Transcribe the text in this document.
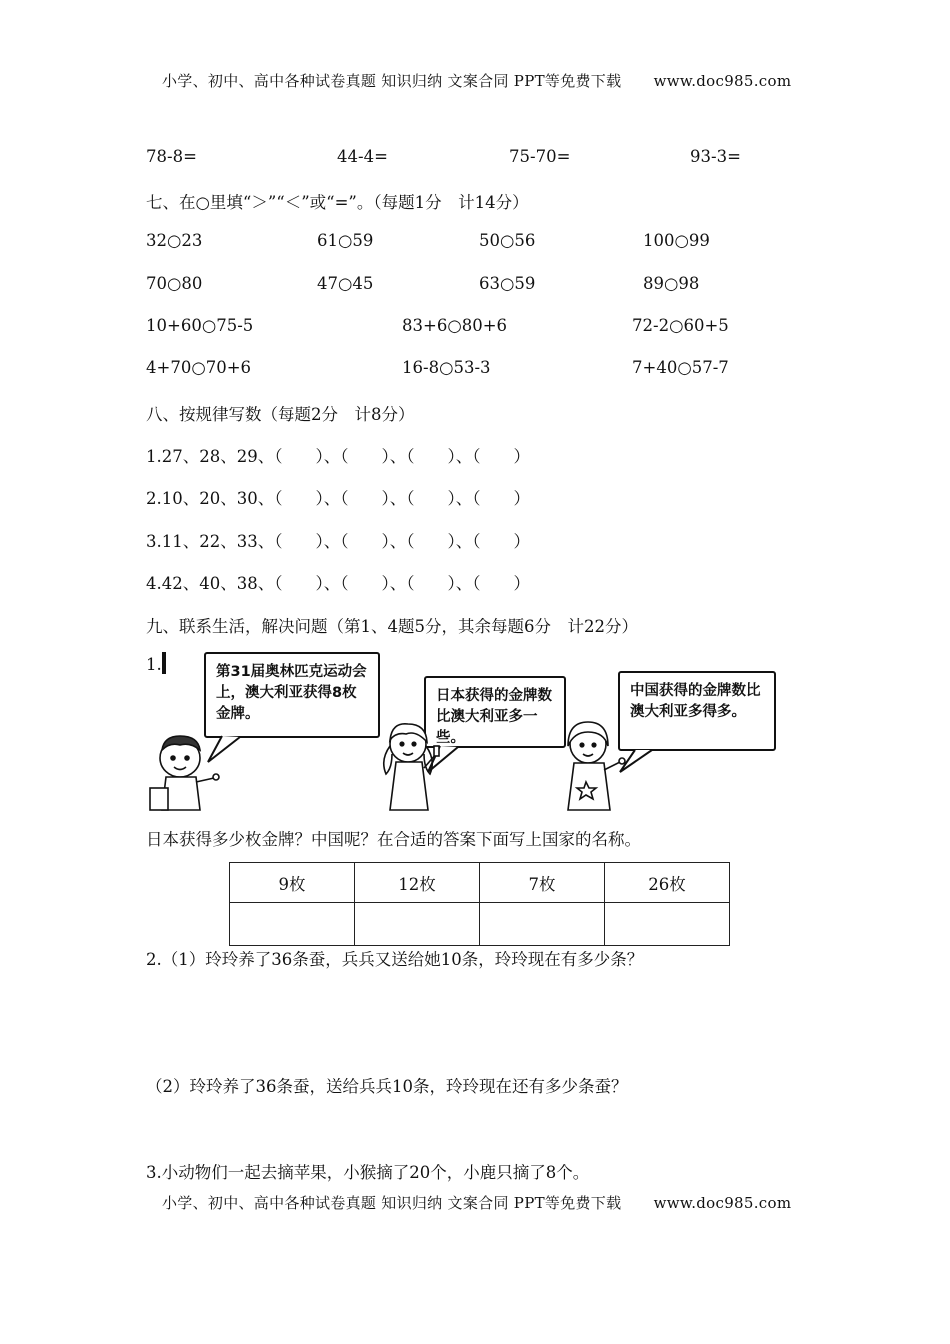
小学、初中、高中各种试卷真题 知识归纳 文案合同 PPT等免费下载 www.doc985.com
78-8=	44-4=	75-70=	93-3=
七、在○里填“＞”“＜”或“=”。（每题1分　计14分）
32○23	61○59	50○56	100○99
70○80	47○45	63○59	89○98
10+60○75-5	83+6○80+6	72-2○60+5
4+70○70+6	16-8○53-3	7+40○57-7
八、按规律写数（每题2分　计8分）
1.27、28、29、（　　）、（　　）、（　　）、（　　）
2.10、20、30、（　　）、（　　）、（　　）、（　　）
3.11、22、33、（　　）、（　　）、（　　）、（　　）
4.42、40、38、（　　）、（　　）、（　　）、（　　）
九、联系生活，解决问题（第1、4题5分，其余每题6分　计22分）
1.	第31届奥林匹克运动会上，澳大利亚获得8枚金牌。
日本获得的金牌数比澳大利亚多一些。
中国获得的金牌数比澳大利亚多得多。
日本获得多少枚金牌？中国呢？在合适的答案下面写上国家的名称。
9枚	12枚	7枚	26枚

2.（1）玲玲养了36条蚕，兵兵又送给她10条，玲玲现在有多少条？
（2）玲玲养了36条蚕，送给兵兵10条，玲玲现在还有多少条蚕？
3.小动物们一起去摘苹果，小猴摘了20个，小鹿只摘了8个。
小学、初中、高中各种试卷真题 知识归纳 文案合同 PPT等免费下载 www.doc985.com
